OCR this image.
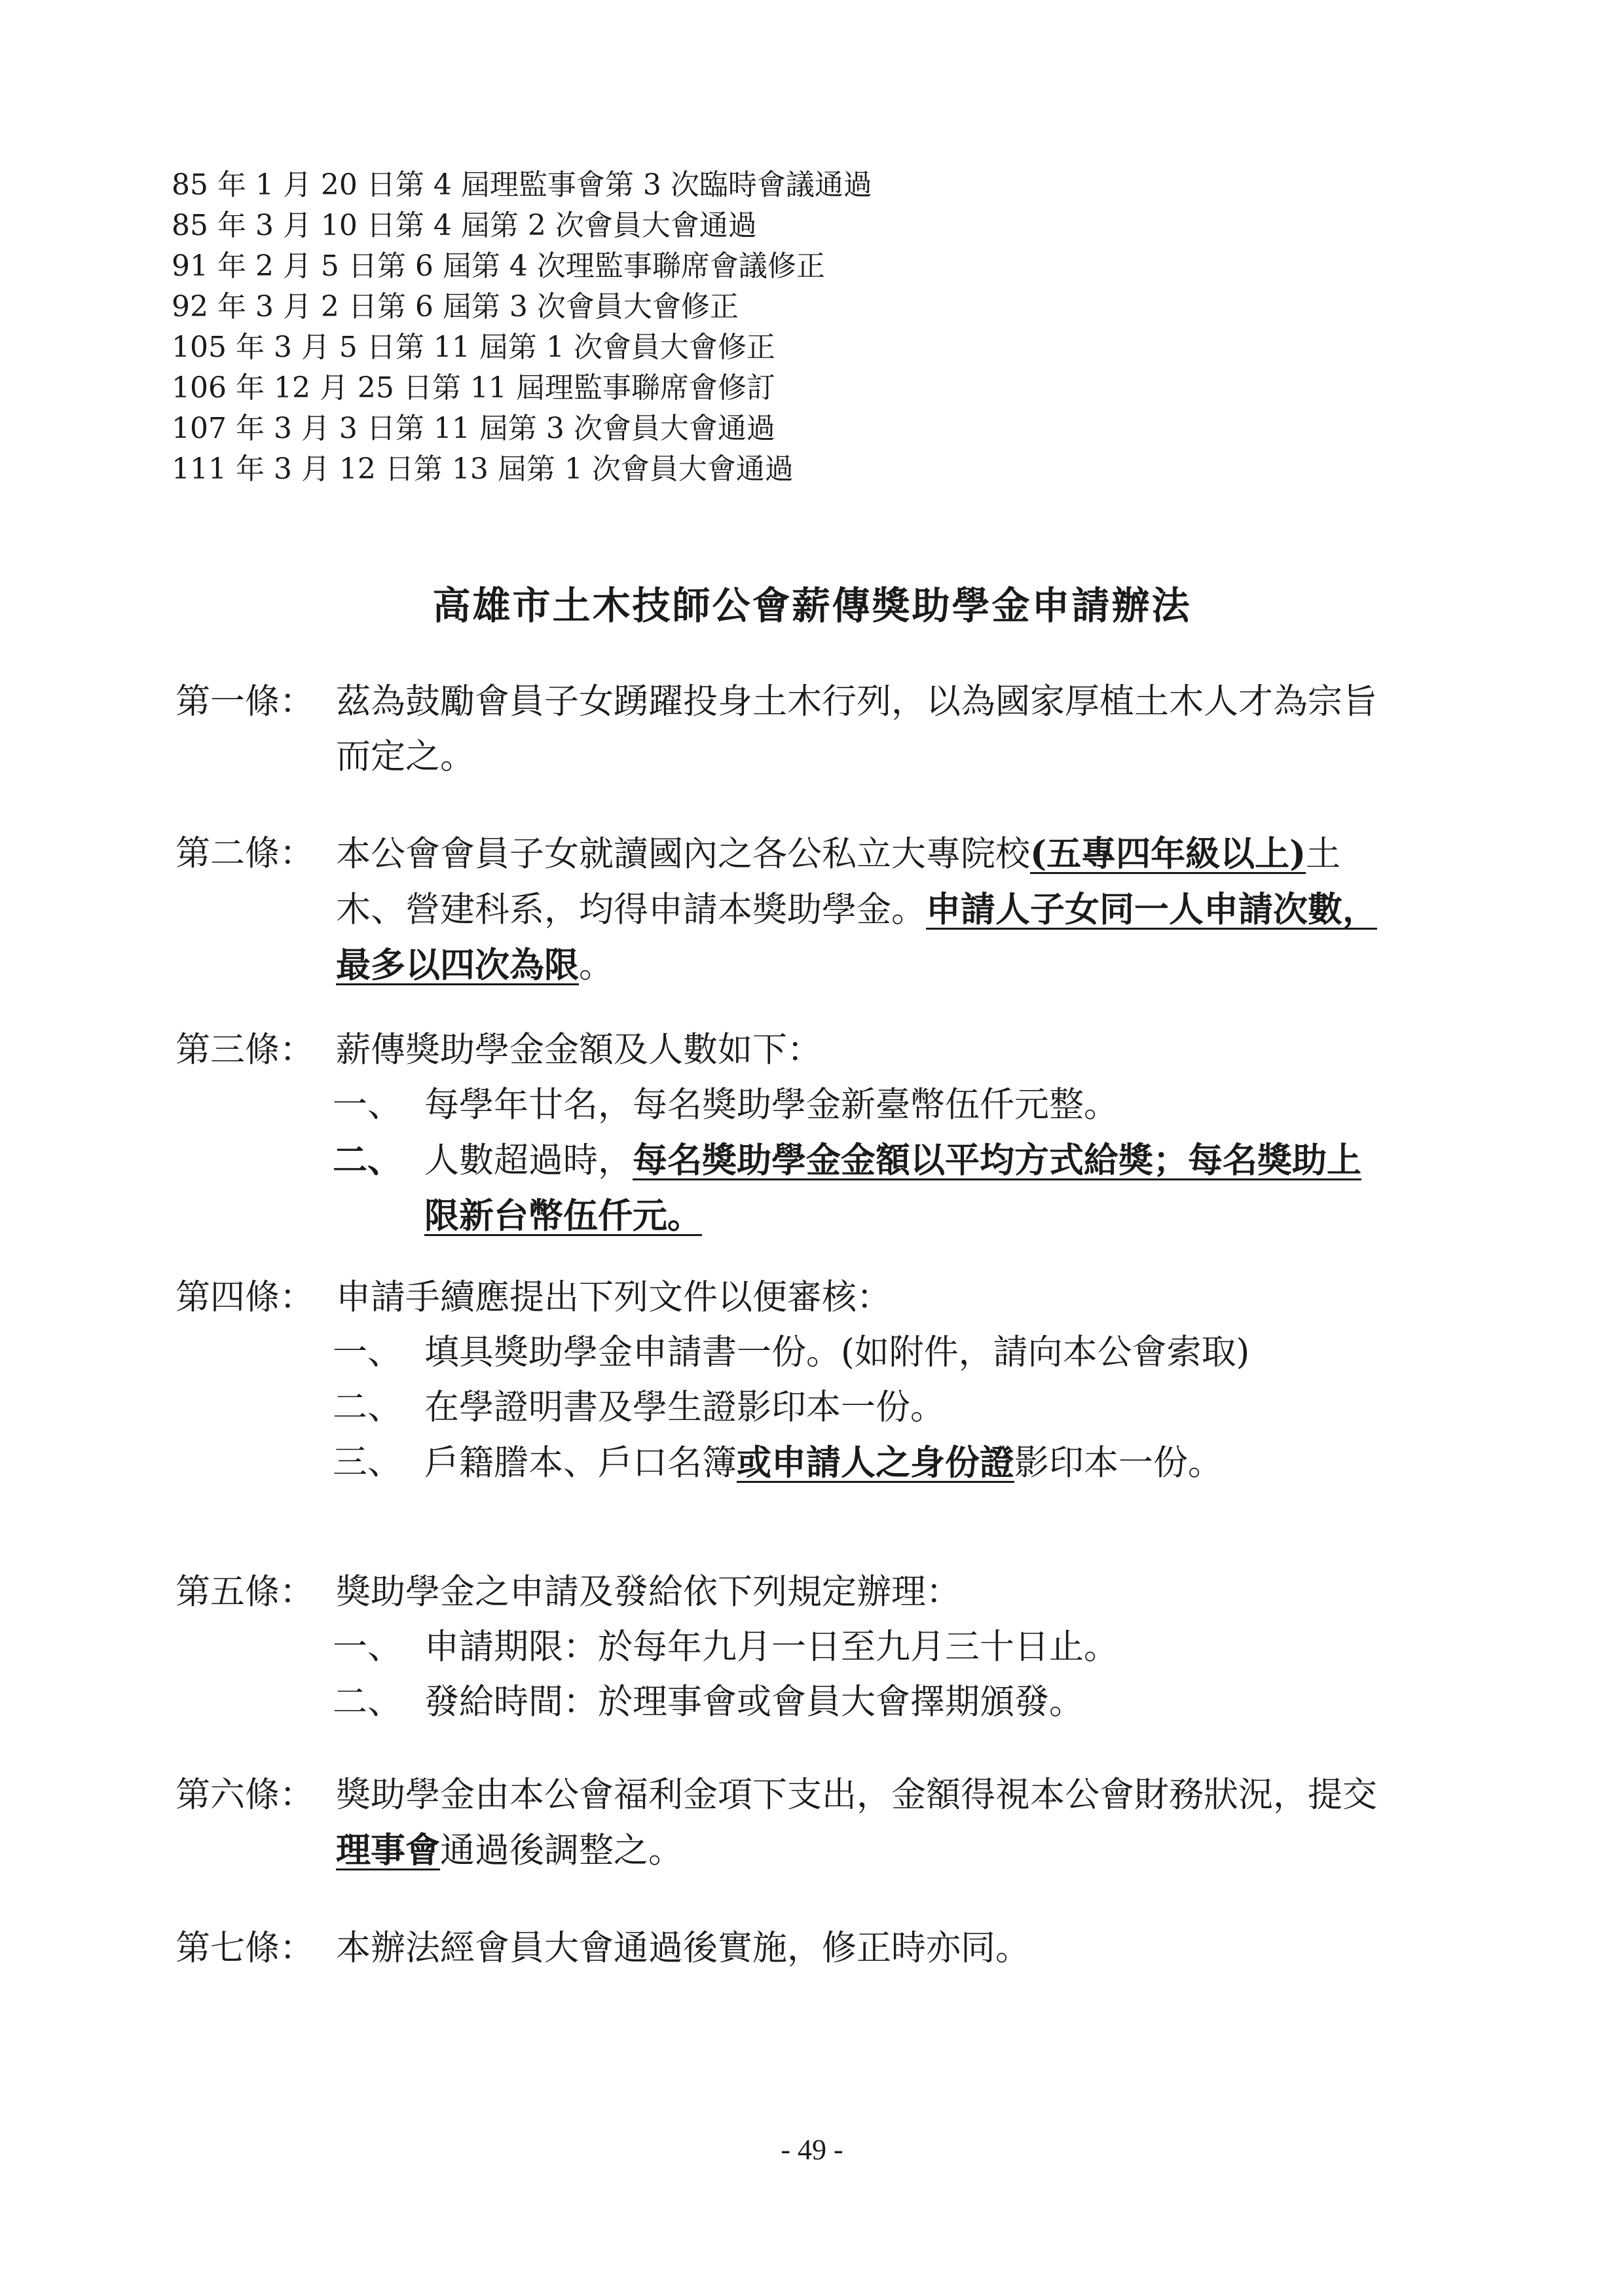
85 年 1 月 20 日第 4 屆理監事會第 3 次臨時會議通過
85 年 3 月 10 日第 4 屆第 2 次會員大會通過
91 年 2 月 5 日第 6 屆第 4 次理監事聯席會議修正
92 年 3 月 2 日第 6 屆第 3 次會員大會修正
105 年 3 月 5 日第 11 屆第 1 次會員大會修正
106 年 12 月 25 日第 11 屆理監事聯席會修訂
107 年 3 月 3 日第 11 屆第 3 次會員大會通過
111 年 3 月 12 日第 13 屆第 1 次會員大會通過
高雄市土木技師公會薪傳獎助學金申請辦法
第一條： 茲為鼓勵會員子女踴躍投身土木行列，以為國家厚植土木人才為宗旨
而定之。
第二條： 本公會會員子女就讀國內之各公私立大專院校(五專四年級以上)土
木、營建科系，均得申請本獎助學金。申請人子女同一人申請次數，
最多以四次為限。
第三條： 薪傳獎助學金金額及人數如下：
一、 每學年廿名，每名獎助學金新臺幣伍仟元整。
二、 人數超過時，每名獎助學金金額以平均方式給獎；每名獎助上
限新台幣伍仟元。
第四條： 申請手續應提出下列文件以便審核：
一、 填具獎助學金申請書一份。(如附件，請向本公會索取)
二、 在學證明書及學生證影印本一份。
三、 戶籍謄本、戶口名簿或申請人之身份證影印本一份。
第五條： 獎助學金之申請及發給依下列規定辦理：
一、 申請期限：於每年九月一日至九月三十日止。
二、 發給時間：於理事會或會員大會擇期頒發。
第六條： 獎助學金由本公會福利金項下支出，金額得視本公會財務狀況，提交
理事會通過後調整之。
第七條： 本辦法經會員大會通過後實施，修正時亦同。
- 49 -
